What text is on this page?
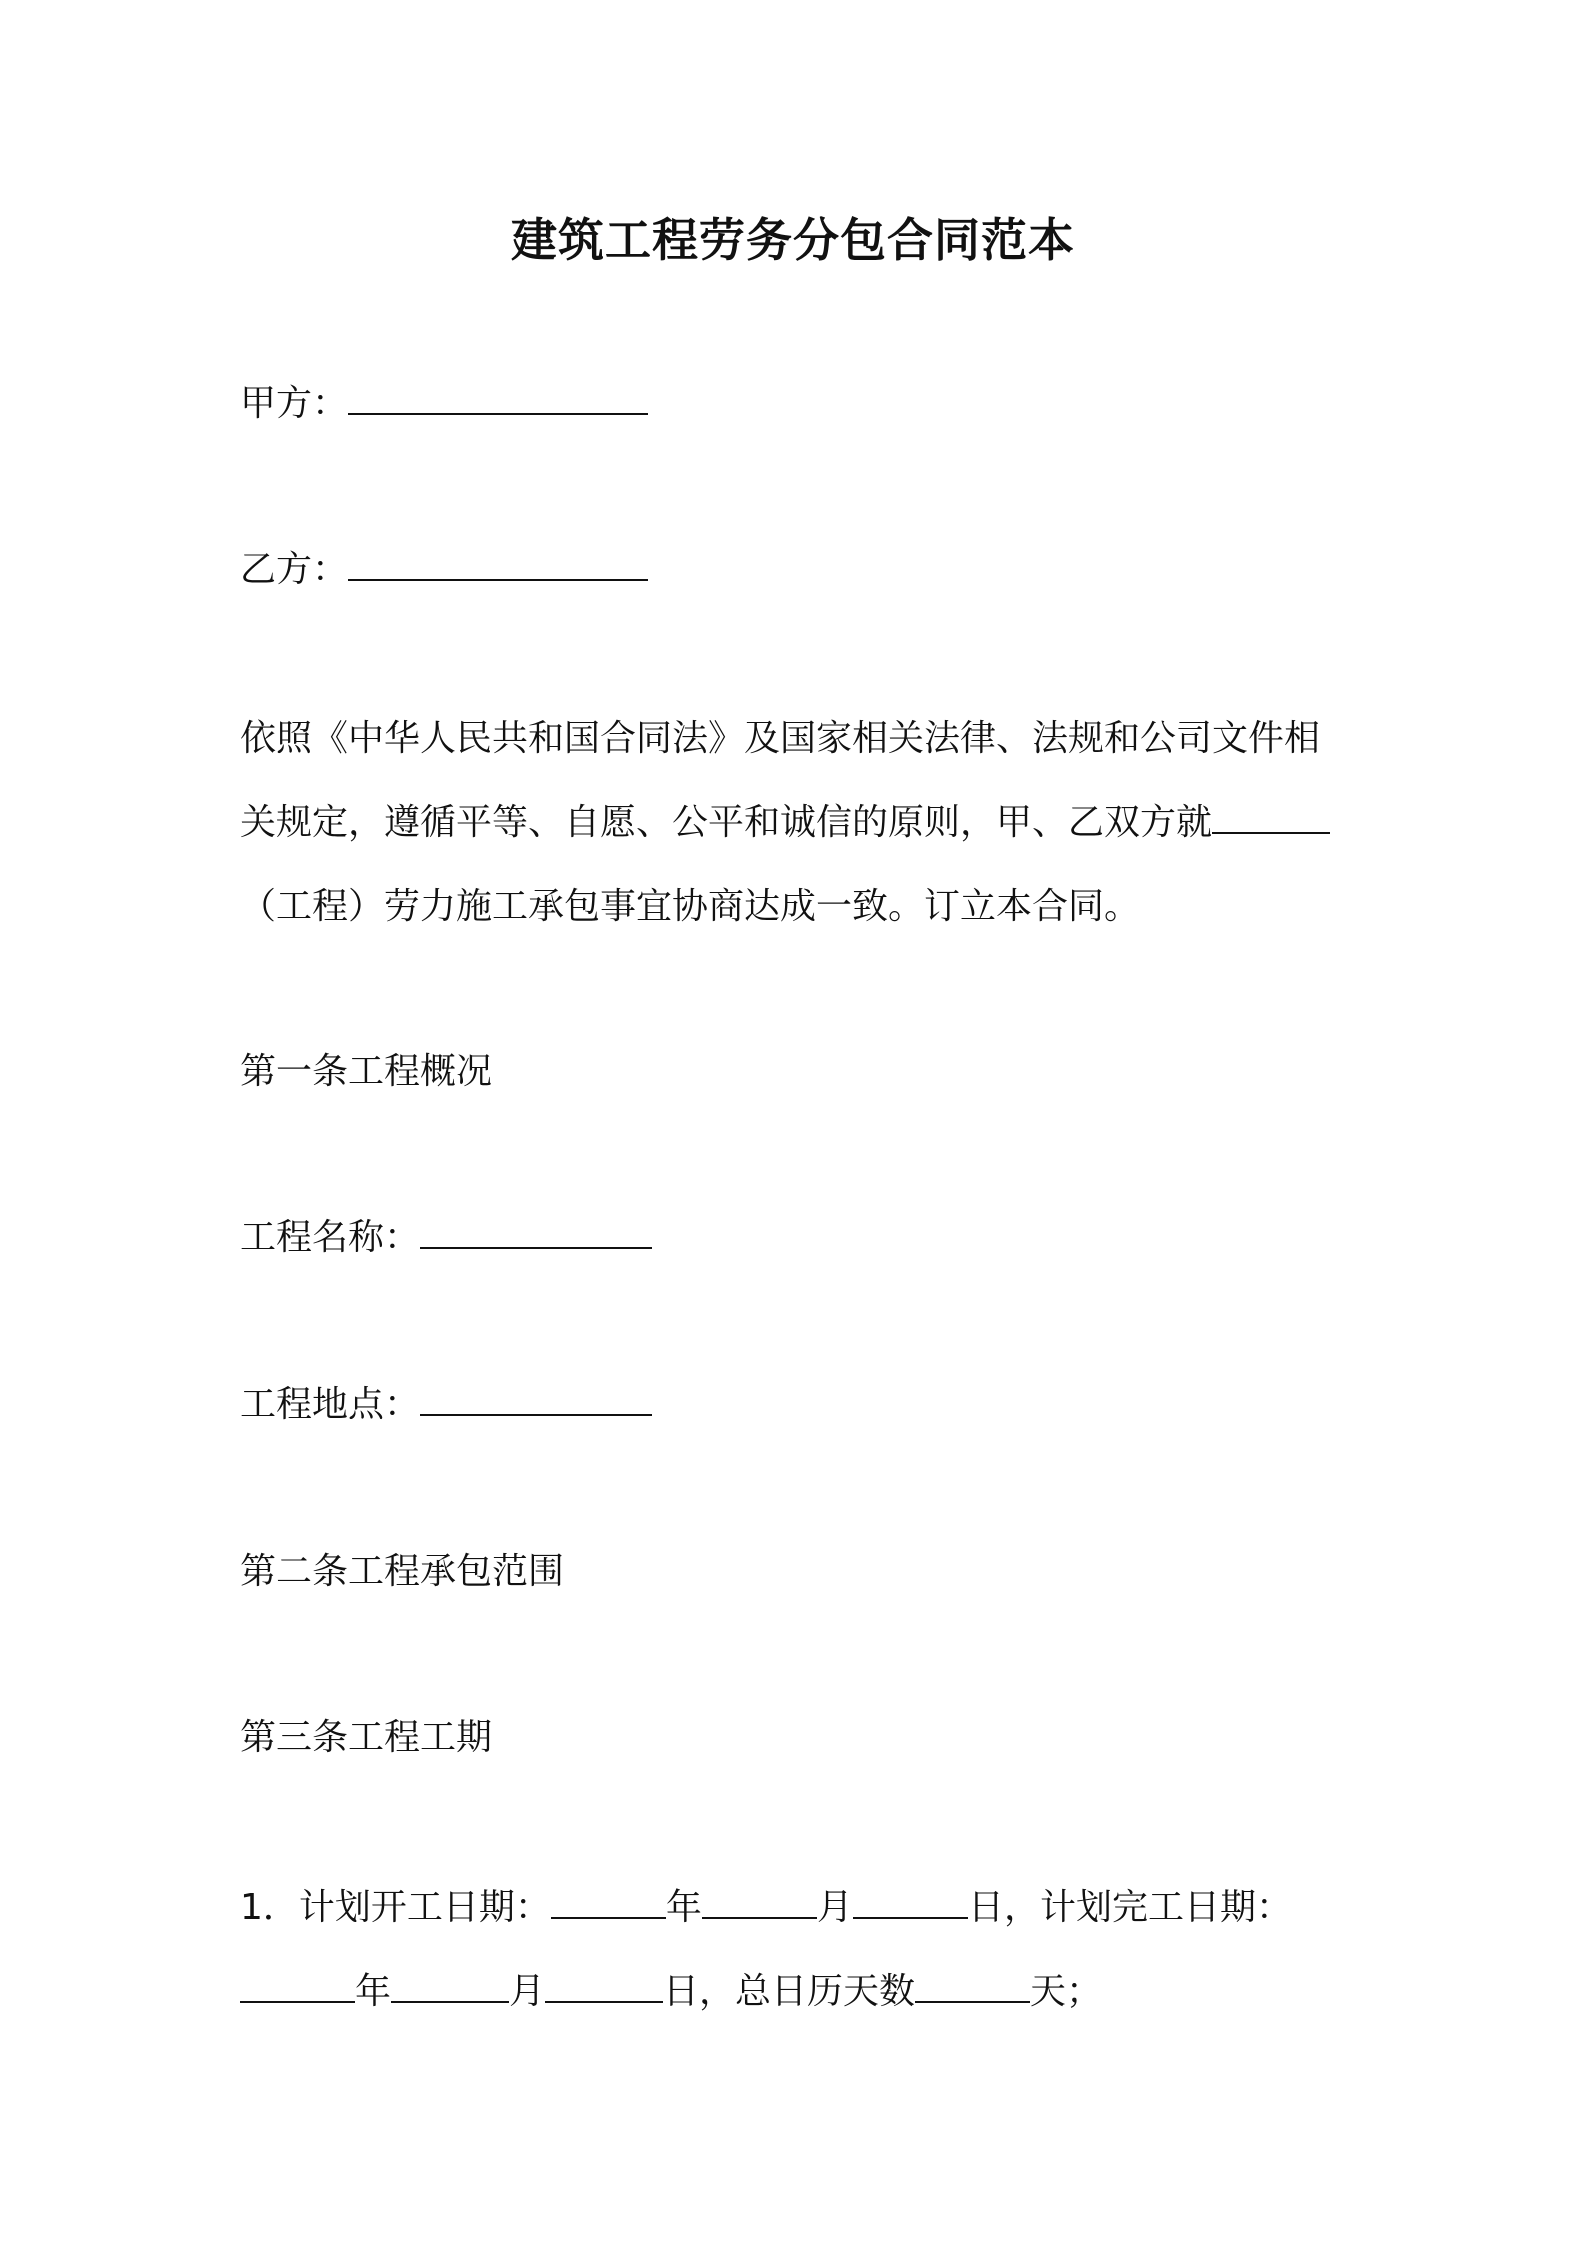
建筑工程劳务分包合同范本

甲方：

乙方：

依照《中华人民共和国合同法》及国家相关法律、法规和公司文件相
关规定，遵循平等、自愿、公平和诚信的原则，甲、乙双方就
（工程）劳力施工承包事宜协商达成一致。订立本合同。

第一条工程概况

工程名称：

工程地点：

第二条工程承包范围

第三条工程工期

1．计划开工日期：	年	月	日，计划完工日期：
年	月	日，总日历天数	天；
